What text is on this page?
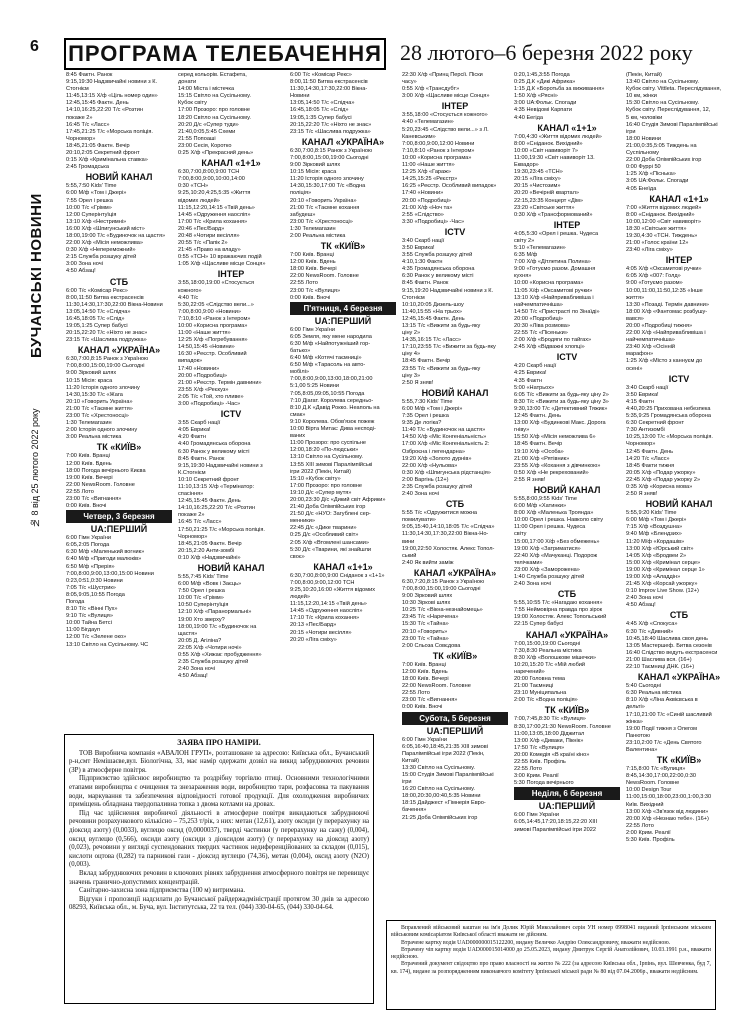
6
БУЧАНСЬКІ НОВИНИ
№ 8 від 25 лютого 2022 року
ПРОГРАМА ТЕЛЕБАЧЕННЯ 28 лютого–6 березня 2022 року

8:45 Фактн. Ранок

9:15,19:30 Надзвичайні новини з К.

Стогнієм

11:45,13:15 Х/ф «Ціль номер один»

12:45,15:45 Фактн. День

14:10,16:25,22:20 Т/с «Розтин

покаже 2»

16:45 Т/с «Ласс»

17:45,21:25 Т/с «Морська поліція.

Чорномор»

18:45,21:05 Фактн. Вечір

20:10,2:05 Секретний фронт

0:15 Х/ф «Кримінальна ставка»

2:45 Громадська

НОВИЙ КАНАЛ

5:55,7:50 Kids' Time

6:00 М/ф «Том і Джері»

7:55 Орел і решка

10:00 Т/с «Грімм»

12:00 Суперінтуїція

13:10 Х/ф «Нестримні»

16:00 Х/ф «Шпигунський міст»

18:00,19:00 Т/с «Будиночок на щастя»

22:00 Х/ф «Місія неможлива»

0:30 Х/ф «Непереможний»

2:15 Служба розшуку дітей

3:00 Зона ночі

4:50 Абзац!

СТБ

6:00 Т/с «Комісар Рекс»

8:00,11:50 Битва екстрасенсів

11:30,14:30,17:30,22:00 Вікна-Новини

13:05,14:50 Т/с «Слідча»

16:45,18:05 Т/с «Слід»

19:05,1:25 Супер бабусі

20:15,22:20 Т/с «Ніхто не знає»

23:15 Т/с «Шаслива подружка»

КАНАЛ «УКРАЇНА»

6:30,7:00,8:15 Ранок з Україною

7:00,8:00,15:00,19:00 Сьогодні

9:00 Зірковий шлях

10:15 Місія: краса

11:20 Історія одного злочину

14:30,15:30 Т/с «Жага

20:10 «Говорить Україна»

21:00 Т/с «Таємне життя»

23:00 Т/с «Хрестоносці»

1:30 Телемагазин

2:00 Історія одного злочину

3:00 Реальна містика

ТК «КИЇВ»

7:00 Київ. Вранці

12:00 Київ. Вдень

18:00 Погода вечірнього Києва

19:00 Київ. Вечері

22:00 NewsRoom. Головне

22:55 Лото

23:00 Т/с «Вигнання»

0:00 Київ. Вночі

Четвер, 3 березня

UA:ПЕРШИЙ

6:00 Гімн України

6:05,2:05 Погода

6:30 М/ф «Маленький вогник»

6:40 М/ф «Пригоди малюків»

6:50 М/ф «Прерія»

7:00,8:00,9:00,13:00,15:00 Новини

0:23,0:51,0:30 Новини

7:05 Т/с «Шустрик»

8:05,9:05,10:55 Погода

Погода

8:10 Т/с «Вінні Пух»

9:10 Т/с «Вулиця»

10:00 Тайна Бетсі

11:00 Бігдауп

12:00 Т/с «Зелене око»

13:10 Світло на Сусільному. ЧС

серед кольорів. Естафета,

донати

14:00 Міста і містечка

15:15 Світло на Сусільному.

Кубок світу

17:00 Прозоро: про головне

18:20 Світло на Сусільному.

20:20 Д/с «Супер туди»

21:40,0:05,5:45 Схеми

21:55 Попоаші

23:00 Сесія, Коротко

0:25 Х/ф «Прекрасний день»

КАНАЛ «1+1»

6:30,7:00,8:00,9:00 ТСН

7:00,8:00,9:00,10:00,14:00

0:30 «ТСН»

9:25,10:20,4:25,5:35 «Життя

відомих людей»

11:15,12:20,14:15 «Твій день»

14:45 «Одруження наосліп»

17:00 Т/с «Крила кохання»

20:46 «Пес/Бард»

20:48 «Чотири весілля»

20:55 Т/с «Папік 2»

21:45 «Право на владу»

0:55 «ТСН» 10 вражаючих подій

1:05 Х/ф «Щасливе місце Сонця»

ІНТЕР

3:55,18:00,19:00 «Стосується

кожного»

4:40 Т/с

5:30,22:05 «Слідство вели...»

7:00,8:00,9:00 «Новини»

7:10,8:10 «Ранок з Інтером»

10:00 «Кориснa програма»

11:00 «Наше життя»

12:25 Х/ф «Погребування»

14:50,15:45 «Новини»

16:30 «Реєстр. Особливий

випадок»

17:40 «Новини»

20:00 «Подробиці»

21:00 «Реєстр. Термін давнини»

23:55 Х/ф «Реєкуз»

2:05 Т/с «Той, хто пливе»

3:00 «Подробиці» -Час»

ICTV

3:55 Скарб нації

4:05 Еврика!

4:20 Фактн

4:40 Громадянська оборона

6:30 Ранок у великому місті

8:45 Фактн. Ранок

9:15,19:30 Надзвичайні новини з

К.Стогнієм

10:10 Секретний фронт

11:10,13:15 Х/ф «Термінатор:

спасіння»

12:45,15:45 Фактн. День

14:10,16:25,22:20 Т/с «Розтин

покаже 2»

16:45 Т/с «Ласс»

17:50,21:25 Т/с «Морська поліція.

Чорномор»

18:45,21:05 Фактн. Вечір

20:15,2:20 Анти-зомбі

0:10 Х/ф «Надзвичайні»

НОВИЙ КАНАЛ

5:55,7:45 Kids' Time

6:00 М/ф «Вовк і Заєць»

7:50 Орел і решка

10:00 Т/с «Грімм»

10:50 Суперінтуїція

12:10 Х/ф «Паранормальні»

19:00 Хто зверху?

18:00,19:00 Т/с «Будиночок на

щастя»

20:05 Д. Агіліна?

22:05 Х/ф «Чотири ночі»

0:55 Х/ф «Хижак: пробудження»

2:35 Служба розшуку дітей

2:40 Зона ночі

4:50 Абзац!

6:00 Т/с «Комісар Рекс»

8:00,11:50 Битва екстрасенсів

11:30,14:30,17:30,22:00 Вікна-

Новини

13:05,14:50 Т/с «Слідча»

16:45,18:05 Т/с «Слід»

19:05,1:35 Супер бабусі

20:15,22:20 Т/с «Ніхто не знає»

23:15 Т/с «Шаслива подружка»

КАНАЛ «УКРАЇНА»

6:30,7:00,8:15 Ранок з Україною

7:00,8:00,15:00,19:00 Сьогодні

9:00 Зірковий шлях

10:15 Місія: краса

11:20 Історія одного злочину

14:30,15:30,17:00 Т/с «Водна

поліція»

20:10 «Говорить Україна»

21:00 Т/с «Таємне кохання

забудеш»

23:00 Т/с «Хрестоносці»

1:30 Телемагазин

2:00 Реальна містика

ТК «КИЇВ»

7:00 Київ. Вранці

12:00 Київ. Вдень

18:00 Київ. Вечері

22:00 NewsRoom. Головне

22:55 Лото

23:00 Т/с «Вулиця»

0:00 Київ. Вночі

П'ятниця, 4 березня

UA:ПЕРШИЙ

6:00 Гімн України

6:05 Земля, яку мене народила

6:30 М/ф «Найпотужніший гор-

батько»

6:40 М/ф «Котячі таємниці»

6:50 М/ф «Тарасоль на авто-

мобілі»

7:00,8:00,9:00,13:00,18:00,21:00

5:1,00 5:25 Новини

7:05,8:05,09:05,10:55 Погода

7:10 Діагат. Королева середньо-

8:10 Д.К «Давід Рокко. Неаполь на

смак»

9:10 Королева. Обов'язок пожеж

10:00 Вірта Митає: Дива несподі-

ваних

11:00 Прозоро: про суспільне

12:00,18:20 «По-людськи»

13:10 Світло на Сусільному.

13:55 XIII зимові Паралімпійські

ігри 2022 (Пекін, Китай)

15:10 «Кубок світу»

17:00 Прозоро: про головне

19:10 Д/с «Супер мутя»

20:00,23:30 Д/с «Дикий світ Африки»

21:40 Доба Олімпійських ігор

21:50 Д/с «НУО: Загублені сер-

менники»

22:45 Д/с «Дике тварини»

0:25 Д/с «Особливий світ»

2:05 Х/ф «Втомлені шансами»

5:30 Д/с «Тварини, які знайшли

своє»

КАНАЛ «1+1»

6:30,7:00,8:00,9:00 Сніданок з «1+1»

7:00,8:00,9:00,12:00 ТСН

9:25,10:20,16:00 «Життя відомих

людей»

11:15,12:20,14:15 «Твій день»

14:45 «Одруження наосліп»

17:10 Т/с «Крила кохання»

20:13 «Пес/Бард»

20:15 «Чотири весілля»

20:20 «Ліга сміху»

22:30 Х/ф «Принц Персії. Піски

часу»

0:55 Х/ф «Трансдубт»

3:00 Х/ф «Щасливе місце Сонця»

ІНТЕР

3:55,18:00 «Стосується кожного»

4:40 «Телемагазин»

5:20,23:45 «Слідство вели...» з Л.

Каневським»

7:00,8:00,9:00,12:00 Новини

7:10,8:10 «Ранок з Інтером»

10:00 «Корисна програма»

11:00 «Наше життя»

12:25 Х/ф «Гараж»

14:25,15:25 «Реєстр»

16:25 «Реєстр. Особливий випадок»

17:40 «Новини»

20:00 «Подробиці»

21:00 Х/ф «Ноч та»

2:55 «Слідство»

3:30 «Подробиці» -Час»

ICTV

3:40 Скарб нації

3:50 Еврика!

3:55 Служба розшуку дітей

4:10,1:30 Фактн

4:35 Громадянська оборона

6:30 Ранок у великому місті

8:45 Фактн. Ранок

9:15,19:20 Надзвичайні новини з К.

Стогнієм

10:10,20:05 Дизель-шоу

11:40,15:55 «На трьох»

12:45,15:45 Фактн. День

13:15 Т/с «Вижити за будь-яку

ціну 2»

14:35,16:15 Т/с «Ласс»

17:10,23:55 Т/с «Вижити за будь-яку

ціну 4»

18:45 Фактн. Вечір

23:55 Т/с «Вижити за будь-яку

ціну 3»

2:50 Я зняв!

НОВИЙ КАНАЛ

5:55,7:30 Kids' Time

6:00 М/ф «Том і Джері»

7:35 Орел і решка

9:35 Де логіка?

11:40 Т/с «Будиночок на щастя»

14:50 Х/ф «Міс Конгеніальність»

17:00 Х/ф «Міс Конгеніальність 2:

Озброєна і легендарна»

19:20 Х/ф «Золото дурнів»

22:00 Х/ф «Нульова»

0:30 Х/ф «Шпигунська рідстанція»

2:00 Варгінь (12+)

2:35 Служба розшуку дітей

2:40 Зона ночі

СТБ

5:55 Т/с «Одружитися можна

помилувати»

9:05,15:40,14:10,18:05 Т/с «Слідча»

11:30,14:30,17:30,22:00 Вікна-Но-

вини

19:00,22:50 Холостяк. Алекс Топол-

ський

2:40 Як вийти заміж

КАНАЛ «УКРАЇНА»

6:30,7:20,8:15 Ранок з Україною

7:00,8:00,15:00,19:00 Сьогодні

9:00 Зірковий шлях

10:30 Зіркові шлях

10:25 Т/с «Вікна-незнайомець»

23:45 Т/с «Наречена»

15:30 Т/с «Тайна»

20:10 «Говорить»

23:00 Т/с «Тайна»

2:00 Сльоза Совєдова

ТК «КИЇВ»

7:00 Київ. Вранці

12:00 Київ. Вдень

18:00 Київ. Вечері

22:00 NewsRoom. Головне

22:55 Лото

23:00 Т/с «Вигнання»

0:00 Київ. Вночі

Субота, 5 березня

UA:ПЕРШИЙ

6:00 Гімн України

6:05,16:40,18:45,21:35 XIII зимові

Паралімпійські ігри 2022 (Пекін,

Китай)

13:30 Світло на Сусільному.

15:00 Студія Зимові Паралімпійські

ігри

16:20 Світло на Сусільному.

18:00,20:30,00:40,5:35 Новини

18:15 Дайджест «Гімнерія Евро-

бачення»

21:25 Доба Олімпійських ігор

0:20,1:45,3:55 Погода

0:25 Д.К «Дикі Африка»

1:15 Д.К «Боротьба за виживання»

1:50 Х/ф «Рясні»

3:00 UA:Фольк. Спогади

4:35 Невідомі Карпати

4:40 Еегіда

КАНАЛ «1+1»

7:00,4:30 «Життя відомих людей»

8:00 «Сніданок. Вихідний»

10:00 «Світ навиворіт 7»

11:00,19:30 «Світ навиворіт 13.

Еквадор»

19:30,23:45 «ТСН»

20:15 «Ліга сміху»

20:15 «Чистозим»

20:20 «Вечірній квартал»

22:15,23:35 Концерт «Дім»

23:20 «Світське життя»

0:30 Х/ф «Трансформований»

ІНТЕР

4:05,5:30 «Орел і решка. Чудеса

світу 2»

5:10 «Телемагазин»

6:35 М/ф

7:00 Х/ф «Дітлетина Полина»

9:00 «Готуємо разом. Домашня

кухня»

10:00 «Корисна програма»

11:05 Х/ф «Оксамитові ручки»

13:10 Х/ф «Найпривабливіша і

найчемпатичніша»

14:50 Т/с «Пристрасті по Зінаїді»

20:00 «Подробиці»

20:30 «Ліва розмова»

22:55 Т/с «Пісеньки»

2:00 Х/ф «Бродяги по тайгах»

2:45 Х/ф «Відважні хлопці»

ICTV

4:20 Скарб нації

4:25 Еврика!

4:35 Фактн

5:00 «Натрьох»

6:05 Т/с «Вижити за будь-яку ціну 2»

8:30 Т/с «Вижити за будь-яку ціну 3»

9:30,13:00 Т/с «Детективний Тяжик»

12:45 Фактн. День

13:00 Х/ф «Будинкові Макс. Дорога

гніву»

15:50 Х/ф «Місія неможлива 6»

18:45 Фактн. Вечір

19:10 Х/ф «Особа»

21:00 Х/ф «Рятівник»

23:55 Х/ф «Кохання з дівчинкою»

0:50 Х/ф «Не рекрехований»

2:55 Я зняв!

НОВИЙ КАНАЛ

5:55,8:00,9:55 Kids' Time

6:00 М/ф «Хатинки»

8:00 Х/ф «Маленька Троянда»

10:00 Орел і решка. Навколо світу

11:00 Орел і решка. Чудеса

світу

15:00,17:00 Х/ф «Без обмежень»

19:00 Х/ф «Затриматися»

22:40 Х/ф «Мачуканці. Подорож

телічками»

23:00 Х/ф «Заморожена»

1:40 Служба розшуку дітей

2:40 Зона ночі

СТБ

5:55,10:55 Т/с «Нагадаю кохання»

7:55 Неймовірна правда про зірок

19:00 Холостяк. Алекс Топольський

22:15 Супер бабусі

КАНАЛ «УКРАЇНА»

7:00,15:00,19:00 Сьогодні

7:30,8:30 Реальна містика

8:30 Х/ф «Волошкове мішечки»

10:20,15:20 Т/с «Мій любий

наречений»

20:00 Головна тема

21:00 Таємниці

23:10 Муніципальна

2:00 Т/с «Водна поліція»

ТК «КИЇВ»

7:00,7:45,8:30 Т/с «Вулиця»

8:30,17:00,21:30 NewsRoom. Головне

11:00,13:05,18:00 Діджитал

13:00 Х/ф «Диваки, Пікнік»

17:50 Т/с «Вулиця»

20:00 Комедія «В країні кіно»

22:55 Київ. Профіль

22:55 Лото

3:00 Крим. Реалії

5:30 Погода вечірнього

Неділя, 6 березня

UA:ПЕРШИЙ

6:00 Гімн України

6:05,14:45,17:20,18:15,22:20 XIII

зимові Паралімпійські ігри 2022

(Пекін, Китай)

13:40 Світло на Сусільному.

Кубок світу. Vittleta. Переслідування,

10 км, жінки

15:30 Світло на Сусільному.

Кубок світу. Переслідування, 12,

5 км, чоловіки

16:40 Студія Зимові Паралімпійські

ігри

18:00 Новини

21:00,0:35,5:05 Тиждень на

Суспільному

22:00 Доба Олімпійських ігор

0:00 Фуррі 50

1:25 Х/ф «Піснька»

3:05 UA:Фольк. Спогади

4:05 Енеїда

КАНАЛ «1+1»

7:00 «Життя відомих людей»

8:00 «Сніданок. Вихідний»

10:00,12:00 «Світ навиворіт»

18:30 «Світське життя»

19:30,4:30 «ТСН. Тиждень»

21:00 «Голос країни 12»

23:40 «Ліга сміху»

ІНТЕР

4:05 Х/ф «Оксамитові ручки»

6:05 Х/ф «007: Голд»

9:00 «Готуємо разом»

10:00,11:00,11:50,12:35 «Інше

життя»

13:30 «Позаді. Термін давнини»

18:00 Х/ф «Фантомас розбушу-

вався»

20:00 «Подробиці тижня»

22:00 Х/ф «Найпривабливіша і

найчемпатичніша»

23:40 Х/ф «Осінній

марафон»

1:25 Х/ф «Місто з каннуєм до

осені»

ICTV

3:40 Скарб нації

3:50 Еврика!

4:15 Фактн

4:40,20:25 Прихована небезпека

5:35,9:25 Громадянська оборона

6:30 Секретний фронт

7:30 Антизомбі

10:25,13:00 Т/с «Морська поліція.

Чорномор»

12:45 Фактн. День

14:20 Т/с «Ласс»

18:45 Факти тижня

20:05 Х/ф «Подар ужорку»

22:45 Х/ф «Подар ужорку 2»

0:35 Х/ф «Кориснa мова»

2:50 Я зняв!

НОВИЙ КАНАЛ

5:55,9:20 Kids' Time

6:00 М/ф «Том і Джері»

7:15 Х/ф «Воздушна»

9:40 М/ф «Блендзих»

11:20 М/ф «Кордашів»

13:00 Х/ф «Юрський світ»

14:05 Х/ф «Бродвеи 2»

15:00 Х/ф «Кримінал серце»

19:00 Х/ф «Кримінал серце 1»

19:00 Х/ф «Аладдін»

21:45 Х/ф «Корсай ужорку»

0:10 Improv Live Show. (12+)

2:40 Зона ночі

4:50 Абзац!

СТБ

4:45 Х/ф «Спокуса»

6:30 Т/с «Дивний»

10:45,18:40 Шаслива своя день

13:05 Мастершеф. Битва сезонів

16:40 Слідство ведуть екстрасенси

21:00 Шаслива вся. (16+)

22:10 Таємниці ДНК. (16+)

КАНАЛ «УКРАЇНА»

5:40 Сьогодні

6:30 Реальна містика

8:10 Х/ф «Ліна Аквієвська в

дельті»

17:10,21:00 Т/с «Синій шасливий

жінка»

19:00 Події тижня з Олегом

Панютою

23:10,2:00 Т/с «День Святого

Валентина»

ТК «КИЇВ»

7:15,8:00 Т/с «Вулиця»

8:45,14:30,17:00,22:00,0:30

NewsRoom. Головне

10:00 Design Tour

11:00,15:00,18:00,23:00,1:00,3:30

Київ. Вихідний

13:00 Х/ф «Зв'язок від людини»

20:00 Х/ф «Незнаю тебе». (16+)

22:55 Лото

2:00 Крим. Реалії

5:30 Київ. Профіль

ЗАЯВА ПРО НАМІРИ.
ТОВ Виробнича компанія «АВАЛОН ГРУП», розташоване за адресою: Київська обл., Бучанський р-н,смт Немішаєве,вул. Біологічна, 33, має намір одержати дозвіл на викид забруднюючих речовин (ЗР) в атмосферне повітря.
Підприємство здійснює виробництво та роздрібну торгівлю птиці. Основними технологічними етапами виробництва є очищення та знезараження води, виробництво тари, розфасовка та пакування води, маркування та забезпечення відповідності готової продукції. Для охолодження виробничих приміщень обладнана твердопаливна топка з двома котлами на дровах.
Під час здійснення виробничої діяльності в атмосферне повітря викидаються забруднюючі речовини розрахункового кількісно – 75,253 т/рік, з них: метан (12,61), азоту оксиди (у перерахунку на діоксид азоту) (0,0033), вуглецю оксид (0,0000037), тверді частинки (у перерахунку на сажу) (0,004), оксид вуглецю (0,566), оксиди азоту (оксиди з діоксидом азоту) (у перерахунку на діоксид азоту) (0,023), речовини у вигляді суспендованих твердих частинок недиференційованих за складом (0,015), кислоти оцтова (0,282) та парникові гази - діоксид вуглецю (74,36), метан (0,004), оксид азоту (N2O) (0,003).
Вклад забруднюючих речовин в ключових рівнях забруднення атмосферного повітря не перевищує значень гранично-допустимих концентрацій.
Санітарно-захисна зона підприємства (100 м) витримана.
Відгуки і пропозиції надсилати до Бучанської райдержадміністрації протягом 30 днів за адресою 08293, Київська обл., м. Буча, вул. Інститутська, 22 та тел. (044) 330-04-65, (044) 330-04-64.
Вправлений військовий каштан на ім'я Долик Юрій Миколайович серія УН номер 0998041 виданий Ірпінським міським військовим комісаріатом Київської області вважати не дійсним.
Втрачене картку водія UAD000000015122200, видану Величко Андрію Олександровичу, вважати недійсною.
Втрачену чіп картку водія UAD000015014000 до 25.05.2023, видану Дмитрук Сергій Анатолійович, 10.03.1991 р.н., вважати недійсною.
Втрачений документ свідоцтво про право власності на житло № 222 (за адресою Київська обл., Ірпінь, вул. Шевченка, буд 7, кв. 174), видане за розпорядженням виконавчого комітету Ірпінської міської ради № 80 від 07.04.2006р., вважати недійсним.
